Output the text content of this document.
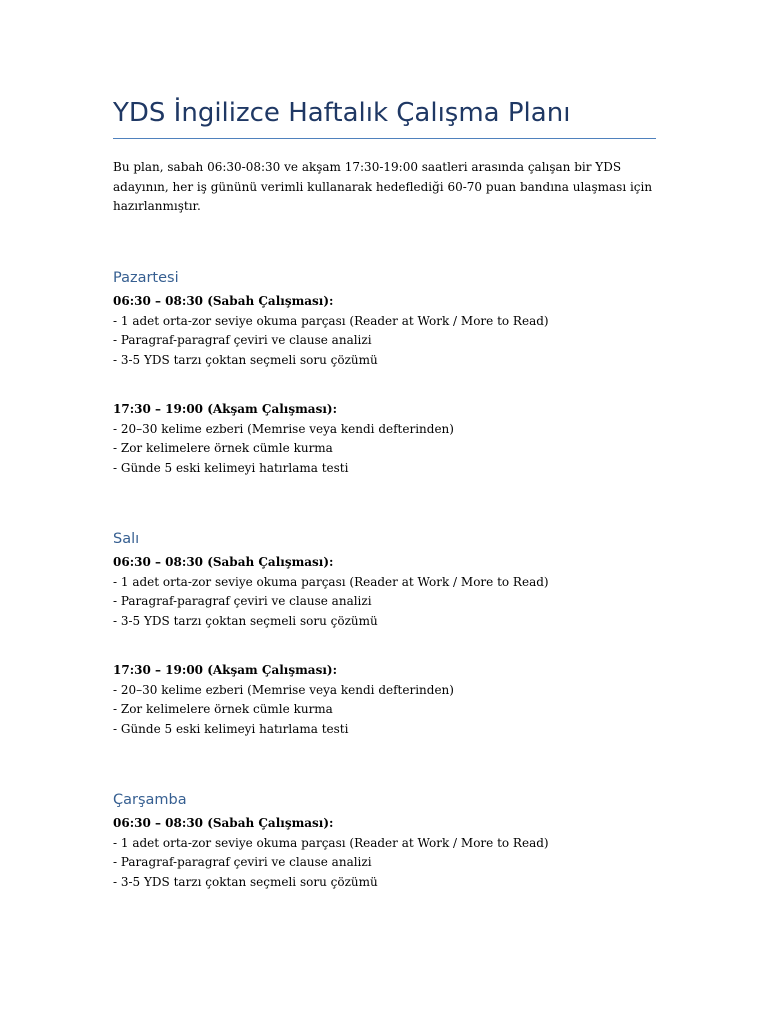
YDS İngilizce Haftalık Çalışma Planı
Bu plan, sabah 06:30-08:30 ve akşam 17:30-19:00 saatleri arasında çalışan bir YDS adayının, her iş gününü verimli kullanarak hedeflediği 60-70 puan bandına ulaşması için hazırlanmıştır.
Pazartesi
06:30 – 08:30 (Sabah Çalışması):
- 1 adet orta-zor seviye okuma parçası (Reader at Work / More to Read)
- Paragraf-paragraf çeviri ve clause analizi
- 3-5 YDS tarzı çoktan seçmeli soru çözümü
17:30 – 19:00 (Akşam Çalışması):
- 20–30 kelime ezberi (Memrise veya kendi defterinden)
- Zor kelimelere örnek cümle kurma
- Günde 5 eski kelimeyi hatırlama testi
Salı
06:30 – 08:30 (Sabah Çalışması):
- 1 adet orta-zor seviye okuma parçası (Reader at Work / More to Read)
- Paragraf-paragraf çeviri ve clause analizi
- 3-5 YDS tarzı çoktan seçmeli soru çözümü
17:30 – 19:00 (Akşam Çalışması):
- 20–30 kelime ezberi (Memrise veya kendi defterinden)
- Zor kelimelere örnek cümle kurma
- Günde 5 eski kelimeyi hatırlama testi
Çarşamba
06:30 – 08:30 (Sabah Çalışması):
- 1 adet orta-zor seviye okuma parçası (Reader at Work / More to Read)
- Paragraf-paragraf çeviri ve clause analizi
- 3-5 YDS tarzı çoktan seçmeli soru çözümü
